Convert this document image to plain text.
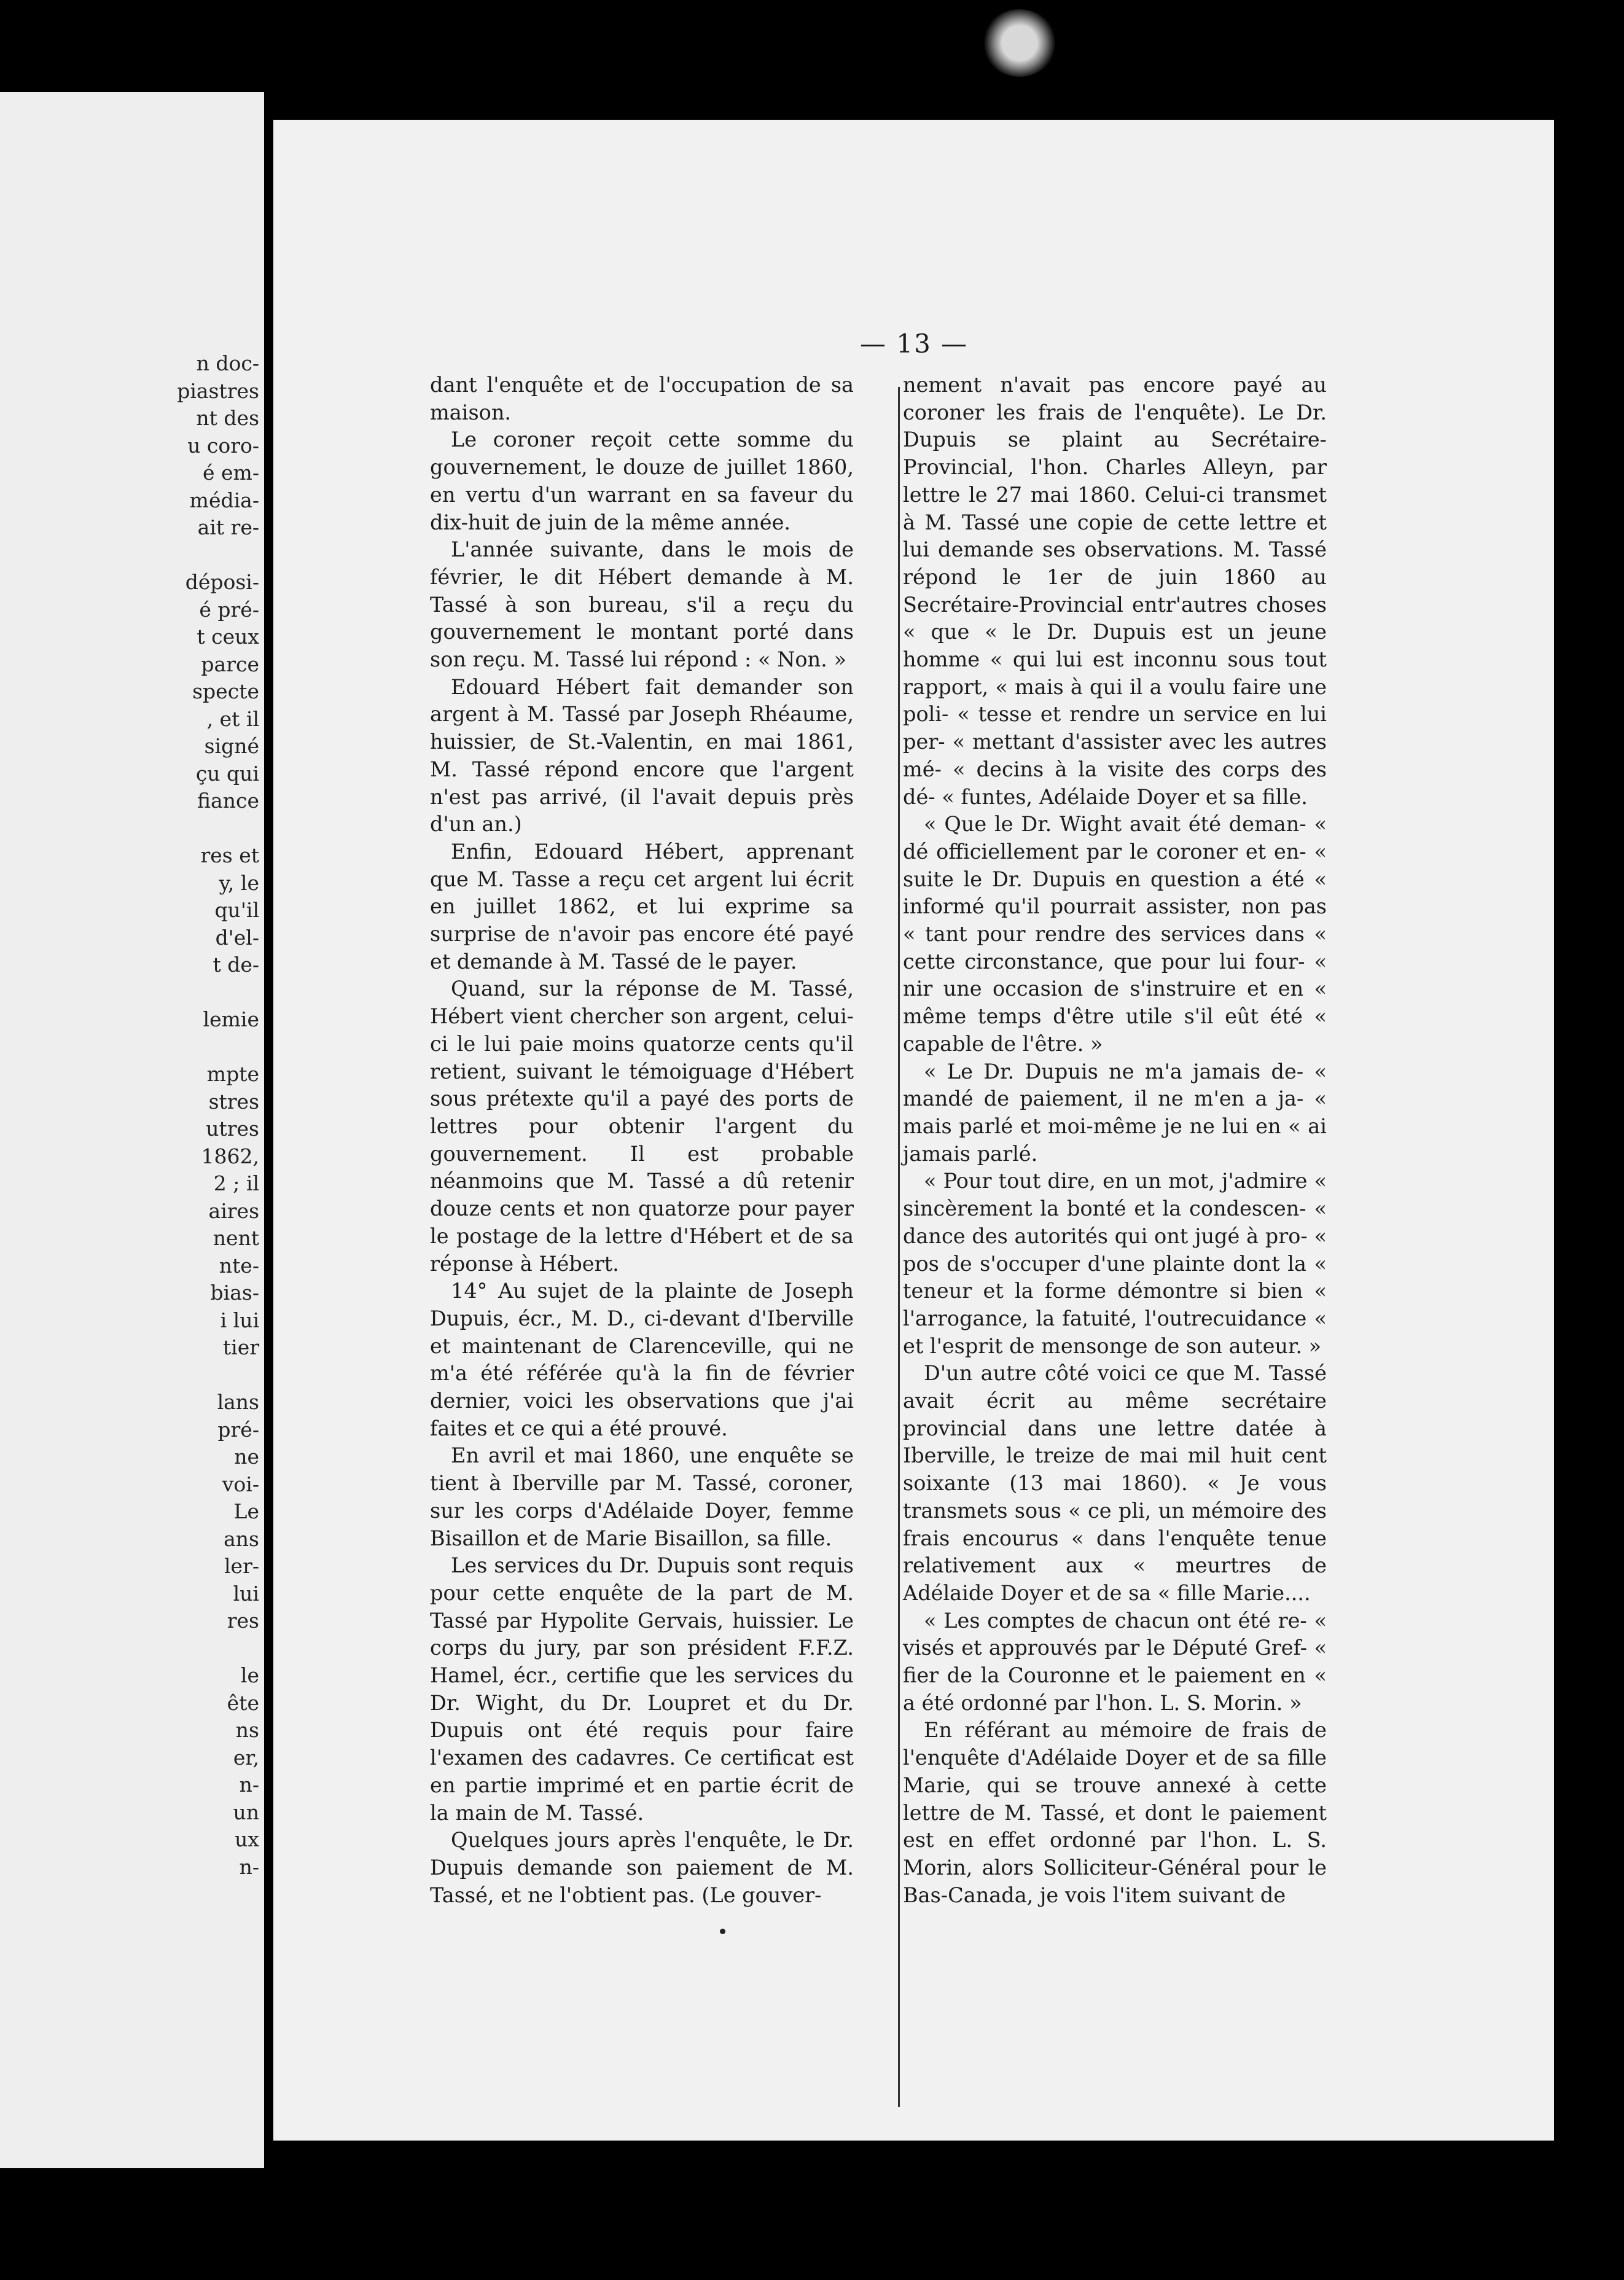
n doc-
piastres
nt des
u coro-
é em-
média-
ait re-

déposi-
é pré-
t ceux
parce
specte
, et il
signé
çu qui
fiance

res et
y, le
qu'il
d'el-
t de-

lemie

mpte
stres
utres
1862,
2 ; il
aires
nent
nte-
bias-
i lui
tier

lans
pré-
ne
voi-
Le
ans
ler-
lui
res

le
ête
ns
er,
n-
un
ux
n-
— 13 —

dant l'enquête et de l'occupation de sa maison.

Le coroner reçoit cette somme du gouvernement, le douze de juillet 1860, en vertu d'un warrant en sa faveur du dix-huit de juin de la même année.

L'année suivante, dans le mois de février, le dit Hébert demande à M. Tassé à son bureau, s'il a reçu du gouvernement le montant porté dans son reçu. M. Tassé lui répond : « Non. »

Edouard Hébert fait demander son argent à M. Tassé par Joseph Rhéaume, huissier, de St.-Valentin, en mai 1861, M. Tassé répond encore que l'argent n'est pas arrivé, (il l'avait depuis près d'un an.)

Enfin, Edouard Hébert, apprenant que M. Tasse a reçu cet argent lui écrit en juillet 1862, et lui exprime sa surprise de n'avoir pas encore été payé et demande à M. Tassé de le payer.

Quand, sur la réponse de M. Tassé, Hébert vient chercher son argent, celui-ci le lui paie moins quatorze cents qu'il retient, suivant le témoiguage d'Hébert sous prétexte qu'il a payé des ports de lettres pour obtenir l'argent du gouvernement. Il est probable néanmoins que M. Tassé a dû retenir douze cents et non quatorze pour payer le postage de la lettre d'Hébert et de sa réponse à Hébert.

14° Au sujet de la plainte de Joseph Dupuis, écr., M. D., ci-devant d'Iberville et maintenant de Clarenceville, qui ne m'a été référée qu'à la fin de février dernier, voici les observations que j'ai faites et ce qui a été prouvé.

En avril et mai 1860, une enquête se tient à Iberville par M. Tassé, coroner, sur les corps d'Adélaide Doyer, femme Bisaillon et de Marie Bisaillon, sa fille.

Les services du Dr. Dupuis sont requis pour cette enquête de la part de M. Tassé par Hypolite Gervais, huissier. Le corps du jury, par son président F.F.Z. Hamel, écr., certifie que les services du Dr. Wight, du Dr. Loupret et du Dr. Dupuis ont été requis pour faire l'examen des cadavres. Ce certificat est en partie imprimé et en partie écrit de la main de M. Tassé.

Quelques jours après l'enquête, le Dr. Dupuis demande son paiement de M. Tassé, et ne l'obtient pas. (Le gouver-

nement n'avait pas encore payé au coroner les frais de l'enquête). Le Dr. Dupuis se plaint au Secrétaire-Provincial, l'hon. Charles Alleyn, par lettre le 27 mai 1860. Celui-ci transmet à M. Tassé une copie de cette lettre et lui demande ses observations. M. Tassé répond le 1er de juin 1860 au Secrétaire-Provincial entr'autres choses « que « le Dr. Dupuis est un jeune homme « qui lui est inconnu sous tout rapport, « mais à qui il a voulu faire une poli- « tesse et rendre un service en lui per- « mettant d'assister avec les autres mé- « decins à la visite des corps des dé- « funtes, Adélaide Doyer et sa fille.

« Que le Dr. Wight avait été deman- « dé officiellement par le coroner et en- « suite le Dr. Dupuis en question a été « informé qu'il pourrait assister, non pas « tant pour rendre des services dans « cette circonstance, que pour lui four- « nir une occasion de s'instruire et en « même temps d'être utile s'il eût été « capable de l'être. »

« Le Dr. Dupuis ne m'a jamais de- « mandé de paiement, il ne m'en a ja- « mais parlé et moi-même je ne lui en « ai jamais parlé.

« Pour tout dire, en un mot, j'admire « sincèrement la bonté et la condescen- « dance des autorités qui ont jugé à pro- « pos de s'occuper d'une plainte dont la « teneur et la forme démontre si bien « l'arrogance, la fatuité, l'outrecuidance « et l'esprit de mensonge de son auteur. »

D'un autre côté voici ce que M. Tassé avait écrit au même secrétaire provincial dans une lettre datée à Iberville, le treize de mai mil huit cent soixante (13 mai 1860). « Je vous transmets sous « ce pli, un mémoire des frais encourus « dans l'enquête tenue relativement aux « meurtres de Adélaide Doyer et de sa « fille Marie....

« Les comptes de chacun ont été re- « visés et approuvés par le Député Gref- « fier de la Couronne et le paiement en « a été ordonné par l'hon. L. S. Morin. »

En référant au mémoire de frais de l'enquête d'Adélaide Doyer et de sa fille Marie, qui se trouve annexé à cette lettre de M. Tassé, et dont le paiement est en effet ordonné par l'hon. L. S. Morin, alors Solliciteur-Général pour le Bas-Canada, je vois l'item suivant de
